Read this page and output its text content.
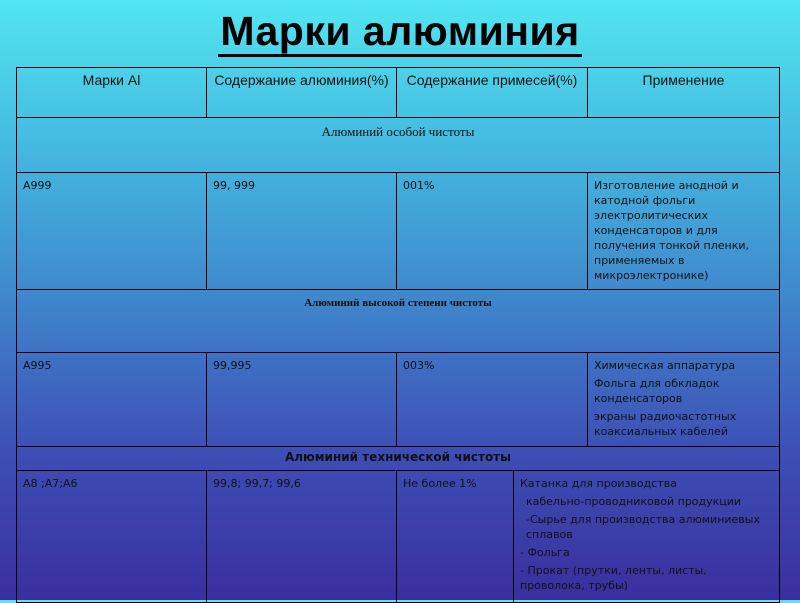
Марки алюминия
Марки Al	Содержание алюминия(%)	Содержание примесей(%)		Применение
Алюминий особой чистоты				
А999	99, 999	001%		Изготовление анодной и катодной фольги электролитических конденсаторов и для получения тонкой пленки, применяемых в микроэлектронике)
Алюминий высокой степени чистоты				
А995	99,995	003%		Химическая аппаратура

Фольга для обкладок конденсаторов

экраны радиочастотных коаксиальных кабелей

Алюминий технической чистоты				
А8 ;А7;А6	99,8; 99,7; 99,6	Не более 1%	Катанка для производства

кабельно-проводниковой продукции

-Сырье для производства алюминиевых сплавов

- Фольга

- Прокат (прутки, ленты, листы, проволока, трубы)	
